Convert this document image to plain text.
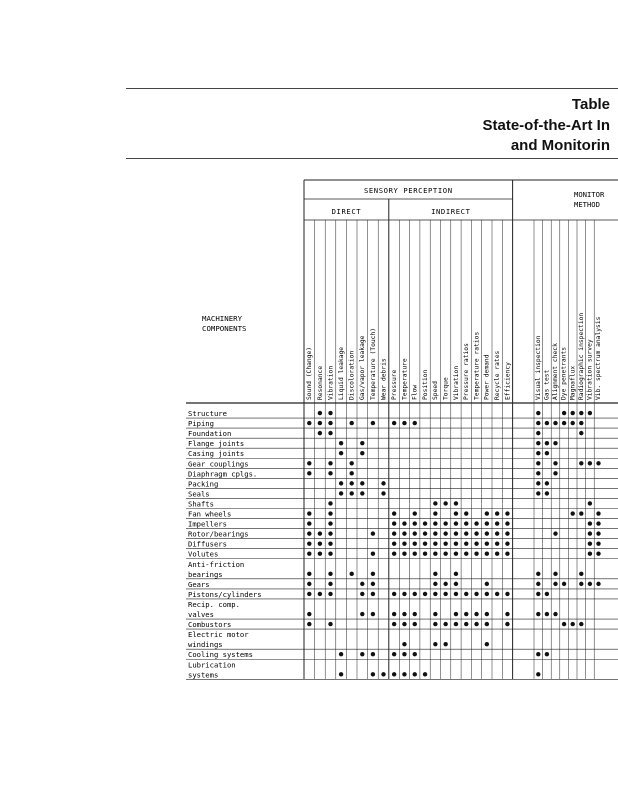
Table
State-of-the-Art In
and Monitorin
SENSORY PERCEPTION
DIRECT	INDIRECT
MONITOR
METHOD
MACHINERY
COMPONENTS
Sound (Change) Resonance Vibration Liquid leakage Discoloration Gas/vapor leakage Temperature (Touch) Wear debris Pressure Temperature Flow Position Speed Torque Vibration Pressure ratios Temperature ratios Power demand Recycle rates Efficiency	Visual inspection Gas test Alignment check Dye penetrants Magnaflux Radiographic inspection Vibration survey Vib. spectrum analysis
Structure
Piping
Foundation
Flange joints
Casing joints
Gear couplings
Diaphragm cplgs.
Packing
Seals
Shafts
Fan wheels
Impellers
Rotor/bearings
Diffusers
Volutes
Anti-friction
bearings
Gears
Pistons/cylinders
Recip. comp.
valves
Combustors
Electric motor
windings
Cooling systems
Lubrication
systems
